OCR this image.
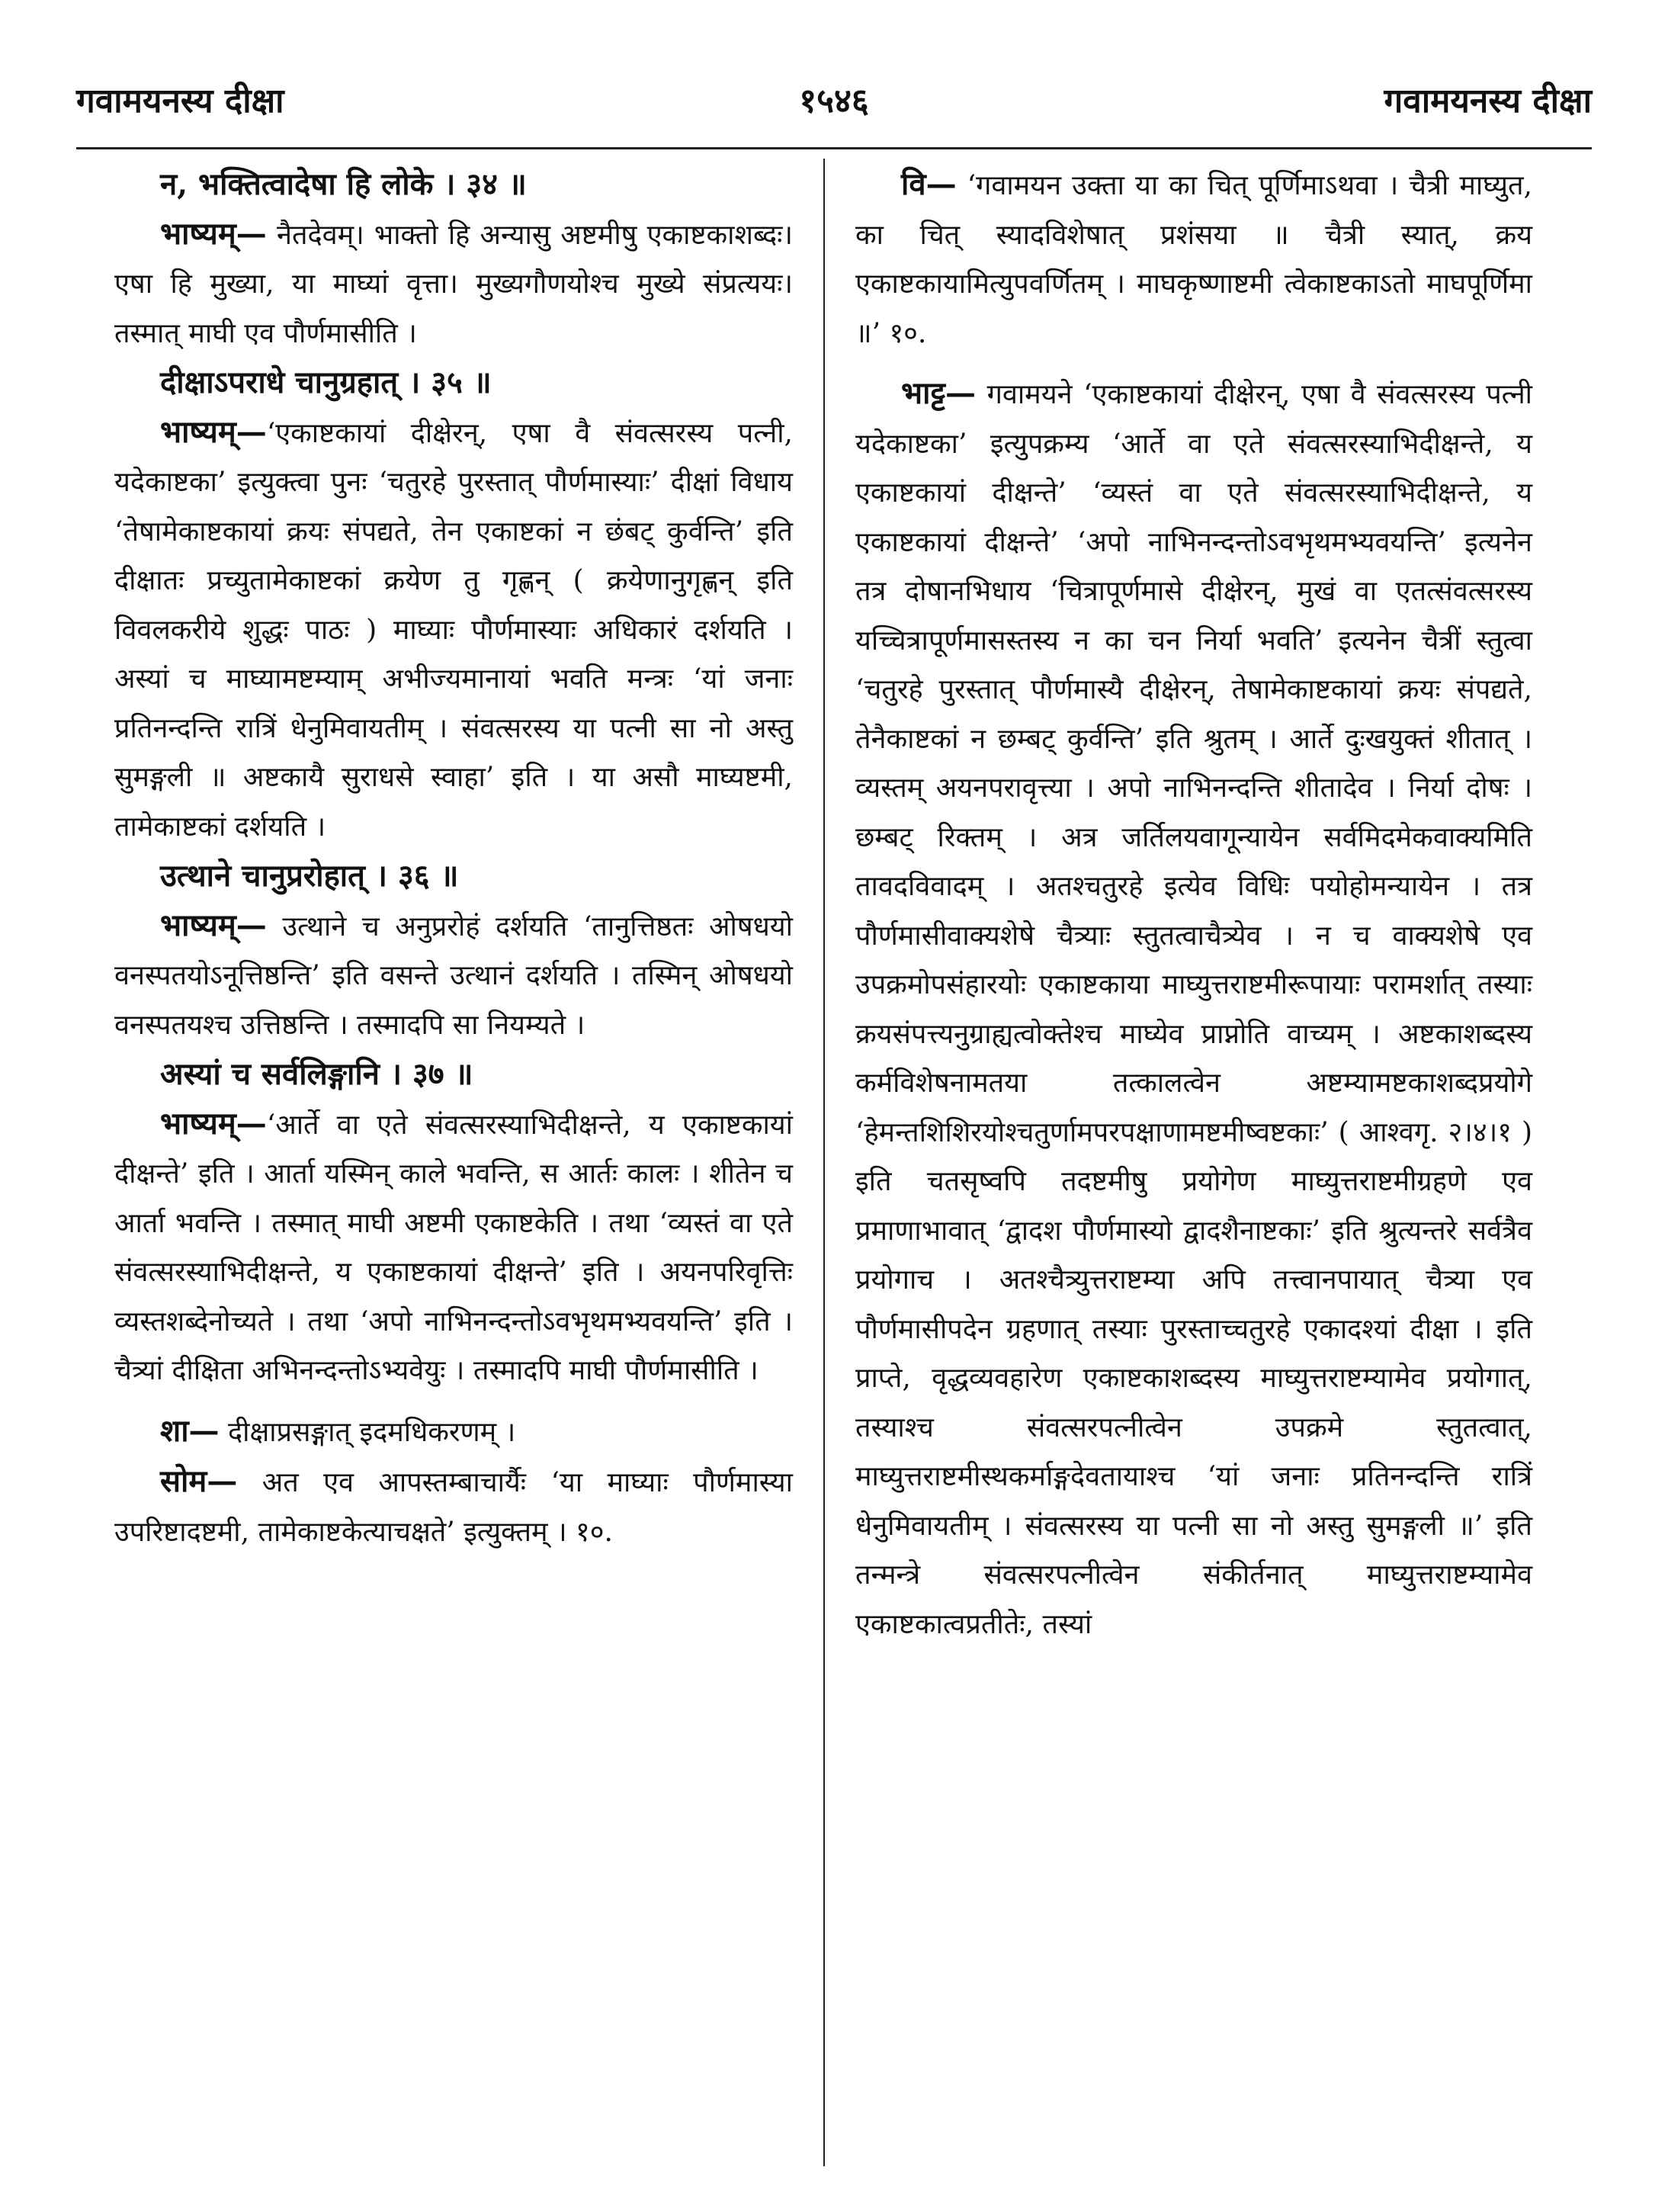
गवामयनस्य दीक्षा	१५४६	गवामयनस्य दीक्षा

न, भक्तित्वादेषा हि लोके । ३४ ॥

भाष्यम्— नैतदेवम्। भाक्तो हि अन्यासु अष्टमीषु एकाष्टकाशब्दः। एषा हि मुख्या, या माघ्यां वृत्ता। मुख्यगौणयोश्च मुख्ये संप्रत्ययः। तस्मात् माघी एव पौर्णमासीति ।

दीक्षाऽपराधे चानुग्रहात् । ३५ ॥

भाष्यम्—‘एकाष्टकायां दीक्षेरन्, एषा वै संवत्सरस्य पत्नी, यदेकाष्टका’ इत्युक्त्वा पुनः ‘चतुरहे पुरस्तात् पौर्णमास्याः’ दीक्षां विधाय ‘तेषामेकाष्टकायां क्रयः संपद्यते, तेन एकाष्टकां न छंबट् कुर्वन्ति’ इति दीक्षातः प्रच्युतामेकाष्टकां क्रयेण तु गृह्णन् ( क्रयेणानुगृह्णन् इति विवलकरीये शुद्धः पाठः ) माघ्याः पौर्णमास्याः अधिकारं दर्शयति । अस्यां च माघ्यामष्टम्याम् अभीज्यमानायां भवति मन्त्रः ‘यां जनाः प्रतिनन्दन्ति रात्रिं धेनुमिवायतीम् । संवत्सरस्य या पत्नी सा नो अस्तु सुमङ्गली ॥ अष्टकायै सुराधसे स्वाहा’ इति । या असौ माघ्यष्टमी, तामेकाष्टकां दर्शयति ।

उत्थाने चानुप्ररोहात् । ३६ ॥

भाष्यम्— उत्थाने च अनुप्ररोहं दर्शयति ‘तानुत्तिष्ठतः ओषधयो वनस्पतयोऽनूत्तिष्ठन्ति’ इति वसन्ते उत्थानं दर्शयति । तस्मिन् ओषधयो वनस्पतयश्च उत्तिष्ठन्ति । तस्मादपि सा नियम्यते ।

अस्यां च सर्वलिङ्गानि । ३७ ॥

भाष्यम्—‘आर्ते वा एते संवत्सरस्याभिदीक्षन्ते, य एकाष्टकायां दीक्षन्ते’ इति । आर्ता यस्मिन् काले भवन्ति, स आर्तः कालः । शीतेन च आर्ता भवन्ति । तस्मात् माघी अष्टमी एकाष्टकेति । तथा ‘व्यस्तं वा एते संवत्सरस्याभिदीक्षन्ते, य एकाष्टकायां दीक्षन्ते’ इति । अयनपरिवृत्तिः व्यस्तशब्देनोच्यते । तथा ‘अपो नाभिनन्दन्तोऽवभृथमभ्यवयन्ति’ इति । चैत्र्यां दीक्षिता अभिनन्दन्तोऽभ्यवेयुः । तस्मादपि माघी पौर्णमासीति ।

शा— दीक्षाप्रसङ्गात् इदमधिकरणम् ।

सोम— अत एव आपस्तम्बाचार्यैः ‘या माघ्याः पौर्णमास्या उपरिष्टादष्टमी, तामेकाष्टकेत्याचक्षते’ इत्युक्तम् । १०.

वि— ‘गवामयन उक्ता या का चित् पूर्णिमाऽथवा । चैत्री माघ्युत, का चित् स्यादविशेषात् प्रशंसया ॥ चैत्री स्यात्, क्रय एकाष्टकायामित्युपवर्णितम् । माघकृष्णाष्टमी त्वेकाष्टकाऽतो माघपूर्णिमा ॥’ १०.

भाट्ट— गवामयने ‘एकाष्टकायां दीक्षेरन्, एषा वै संवत्सरस्य पत्नी यदेकाष्टका’ इत्युपक्रम्य ‘आर्ते वा एते संवत्सरस्याभिदीक्षन्ते, य एकाष्टकायां दीक्षन्ते’ ‘व्यस्तं वा एते संवत्सरस्याभिदीक्षन्ते, य एकाष्टकायां दीक्षन्ते’ ‘अपो नाभिनन्दन्तोऽवभृथमभ्यवयन्ति’ इत्यनेन तत्र दोषानभिधाय ‘चित्रापूर्णमासे दीक्षेरन्, मुखं वा एतत्संवत्सरस्य यच्चित्रापूर्णमासस्तस्य न का चन निर्या भवति’ इत्यनेन चैत्रीं स्तुत्वा ‘चतुरहे पुरस्तात् पौर्णमास्यै दीक्षेरन्, तेषामेकाष्टकायां क्रयः संपद्यते, तेनैकाष्टकां न छम्बट् कुर्वन्ति’ इति श्रुतम् । आर्ते दुःखयुक्तं शीतात् । व्यस्तम् अयनपरावृत्त्या । अपो नाभिनन्दन्ति शीतादेव । निर्या दोषः । छम्बट् रिक्तम् । अत्र जर्तिलयवागून्यायेन सर्वमिदमेकवाक्यमिति तावदविवादम् । अतश्चतुरहे इत्येव विधिः पयोहोमन्यायेन । तत्र पौर्णमासीवाक्यशेषे चैत्र्याः स्तुतत्वाचैत्र्येव । न च वाक्यशेषे एव उपक्रमोपसंहारयोः एकाष्टकाया माघ्युत्तराष्टमीरूपायाः परामर्शात् तस्याः क्रयसंपत्त्यनुग्राह्यत्वोक्तेश्च माघ्येव प्राप्नोति वाच्यम् । अष्टकाशब्दस्य कर्मविशेषनामतया तत्कालत्वेन अष्टम्यामष्टकाशब्दप्रयोगे ‘हेमन्तशिशिरयोश्चतुर्णामपरपक्षाणामष्टमीष्वष्टकाः’ ( आश्वगृ. २।४।१ ) इति चतसृष्वपि तदष्टमीषु प्रयोगेण माघ्युत्तराष्टमीग्रहणे एव प्रमाणाभावात् ‘द्वादश पौर्णमास्यो द्वादशैनाष्टकाः’ इति श्रुत्यन्तरे सर्वत्रैव प्रयोगाच । अतश्चैत्र्युत्तराष्टम्या अपि तत्त्वानपायात् चैत्र्या एव पौर्णमासीपदेन ग्रहणात् तस्याः पुरस्ताच्चतुरहे एकादश्यां दीक्षा । इति प्राप्ते, वृद्धव्यवहारेण एकाष्टकाशब्दस्य माघ्युत्तराष्टम्यामेव प्रयोगात्, तस्याश्च संवत्सरपत्नीत्वेन उपक्रमे स्तुतत्वात्, माघ्युत्तराष्टमीस्थकर्माङ्गदेवतायाश्च ‘यां जनाः प्रतिनन्दन्ति रात्रिं धेनुमिवायतीम् । संवत्सरस्य या पत्नी सा नो अस्तु सुमङ्गली ॥’ इति तन्मन्त्रे संवत्सरपत्नीत्वेन संकीर्तनात् माघ्युत्तराष्टम्यामेव एकाष्टकात्वप्रतीतेः, तस्यां
